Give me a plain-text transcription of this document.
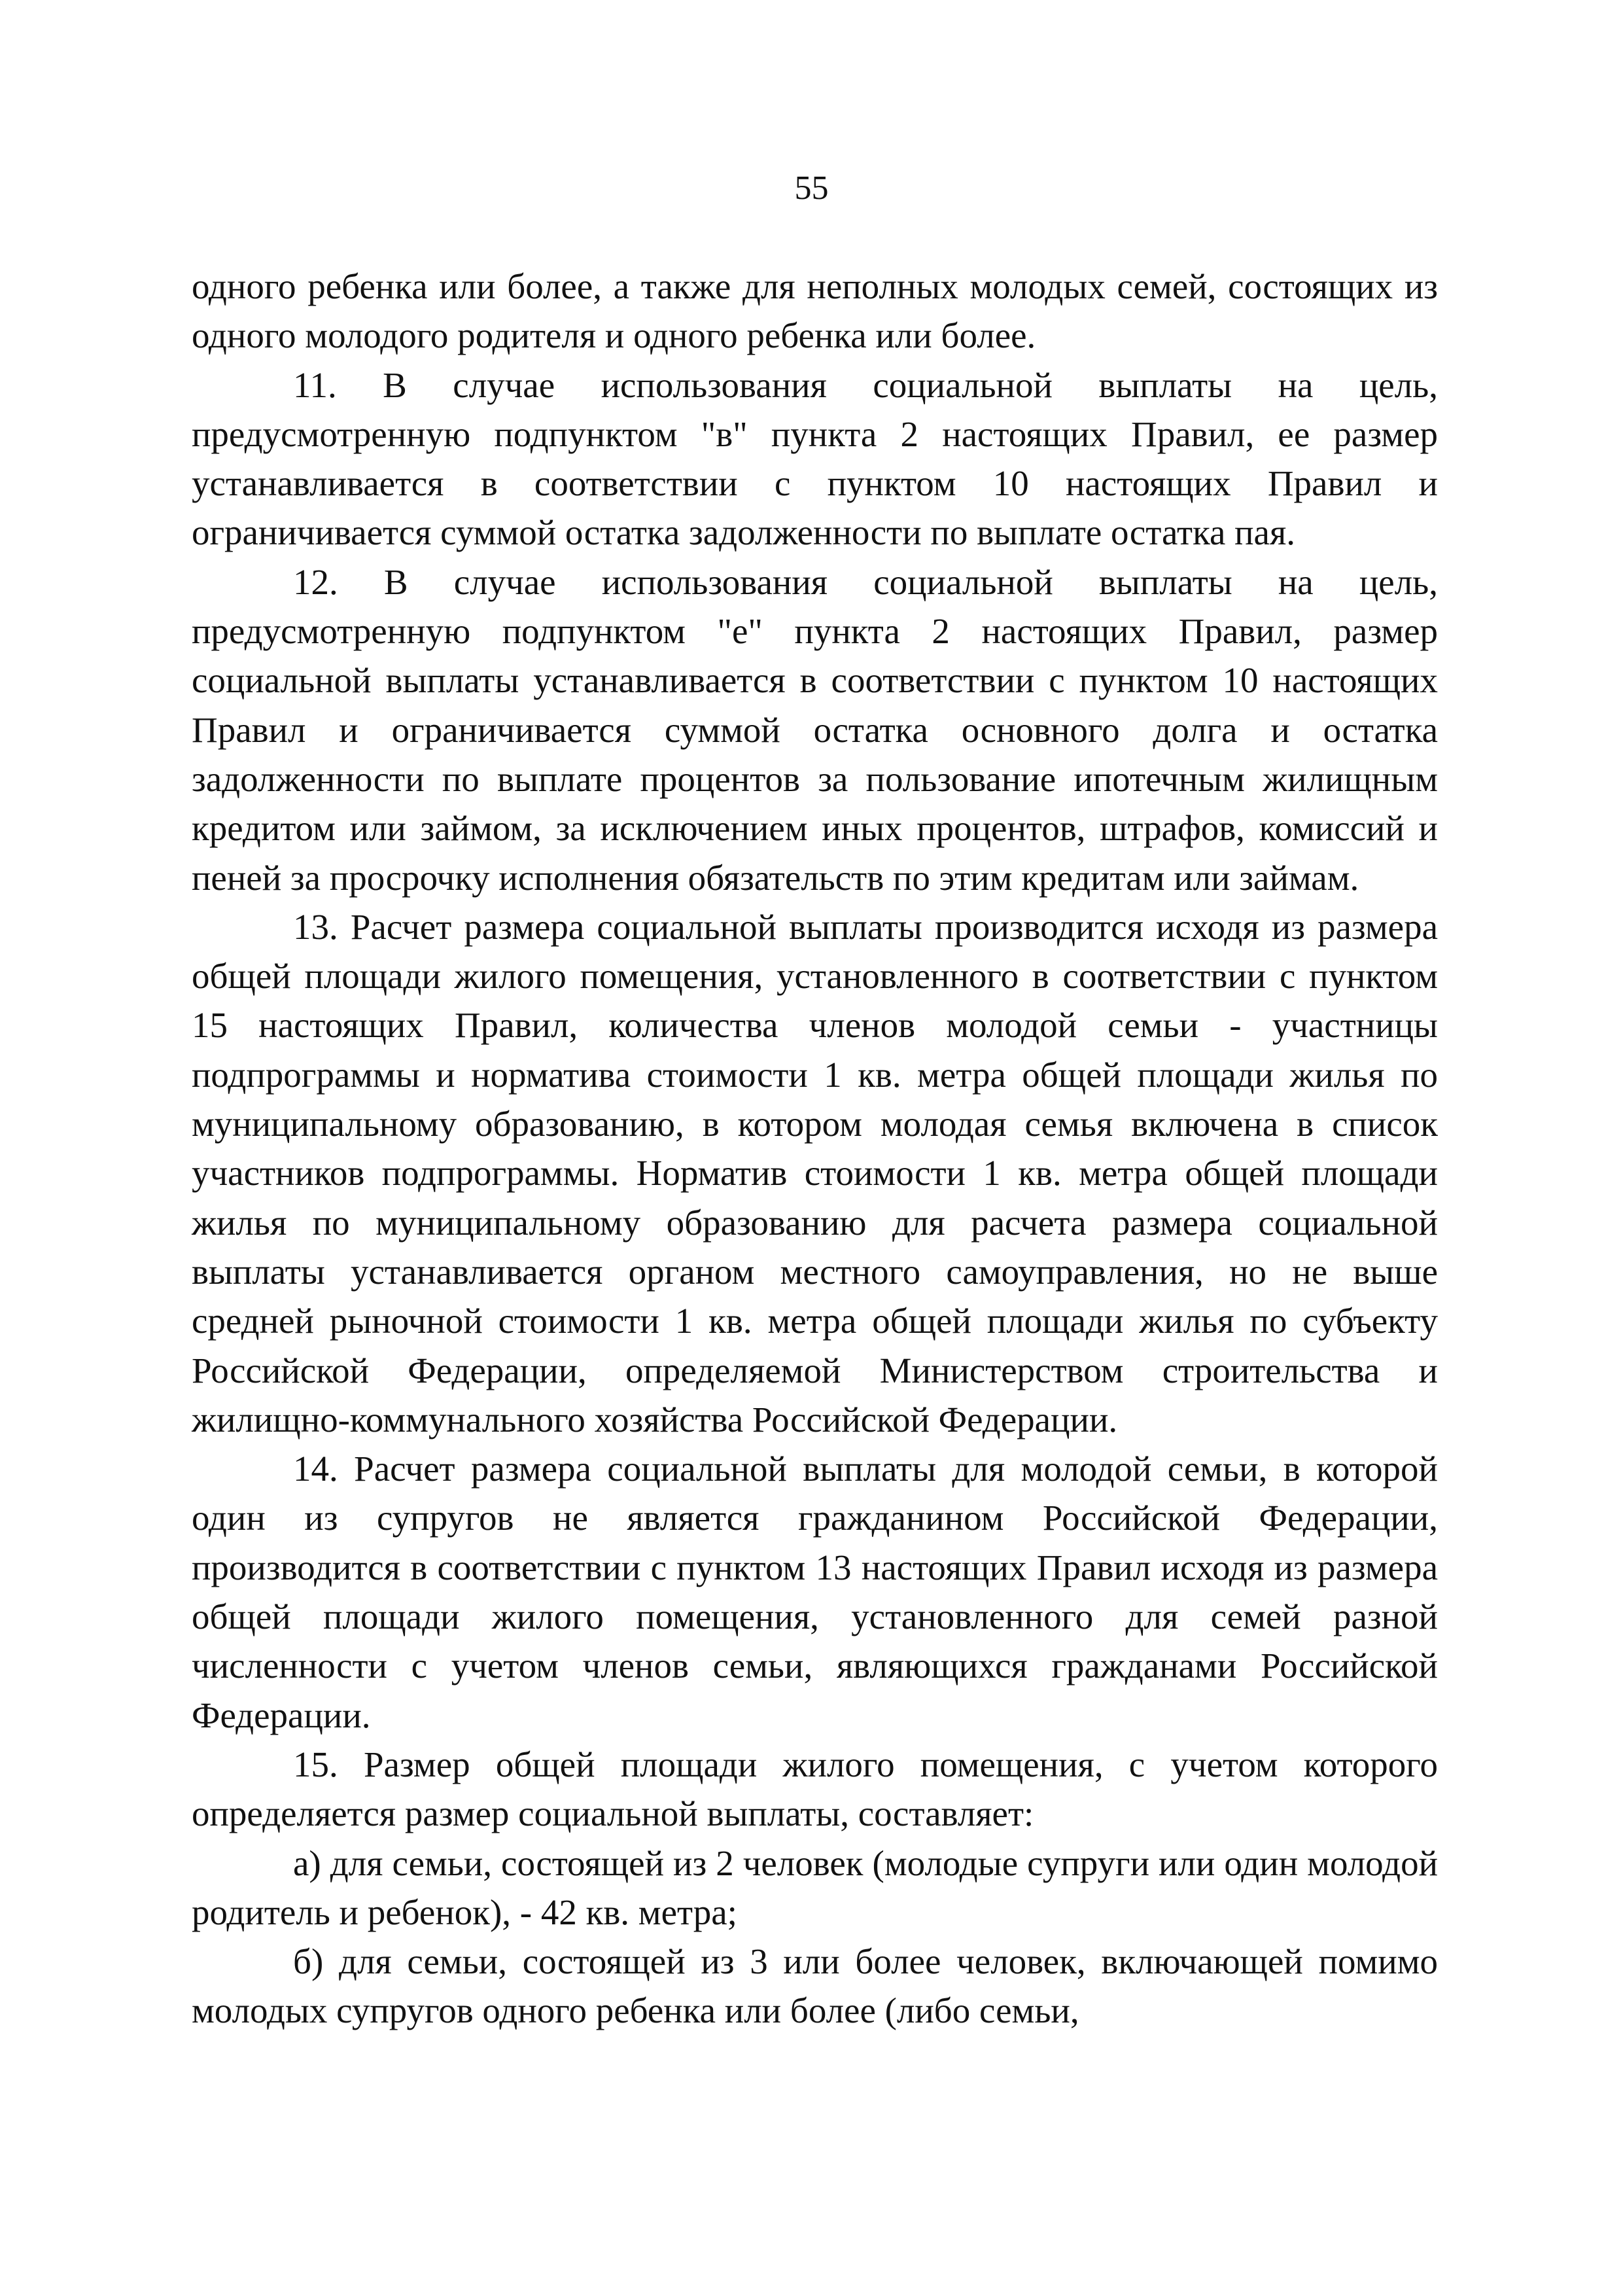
55

одного ребенка или более, а также для неполных молодых семей, состоящих из одного молодого родителя и одного ребенка или более.

11. В случае использования социальной выплаты на цель, предусмотренную подпунктом "в" пункта 2 настоящих Правил, ее размер устанавливается в соответствии с пунктом 10 настоящих Правил и ограничивается суммой остатка задолженности по выплате остатка пая.

12. В случае использования социальной выплаты на цель, предусмотренную подпунктом "е" пункта 2 настоящих Правил, размер социальной выплаты устанавливается в соответствии с пунктом 10 настоящих Правил и ограничивается суммой остатка основного долга и остатка задолженности по выплате процентов за пользование ипотечным жилищным кредитом или займом, за исключением иных процентов, штрафов, комиссий и пеней за просрочку исполнения обязательств по этим кредитам или займам.

13. Расчет размера социальной выплаты производится исходя из размера общей площади жилого помещения, установленного в соответствии с пунктом 15 настоящих Правил, количества членов молодой семьи - участницы подпрограммы и норматива стоимости 1 кв. метра общей площади жилья по муниципальному образованию, в котором молодая семья включена в список участников подпрограммы. Норматив стоимости 1 кв. метра общей площади жилья по муниципальному образованию для расчета размера социальной выплаты устанавливается органом местного самоуправления, но не выше средней рыночной стоимости 1 кв. метра общей площади жилья по субъекту Российской Федерации, определяемой Министерством строительства и жилищно-коммунального хозяйства Российской Федерации.

14. Расчет размера социальной выплаты для молодой семьи, в которой один из супругов не является гражданином Российской Федерации, производится в соответствии с пунктом 13 настоящих Правил исходя из размера общей площади жилого помещения, установленного для семей разной численности с учетом членов семьи, являющихся гражданами Российской Федерации.

15. Размер общей площади жилого помещения, с учетом которого определяется размер социальной выплаты, составляет:

а) для семьи, состоящей из 2 человек (молодые супруги или один молодой родитель и ребенок), - 42 кв. метра;

б) для семьи, состоящей из 3 или более человек, включающей помимо молодых супругов одного ребенка или более (либо семьи,
